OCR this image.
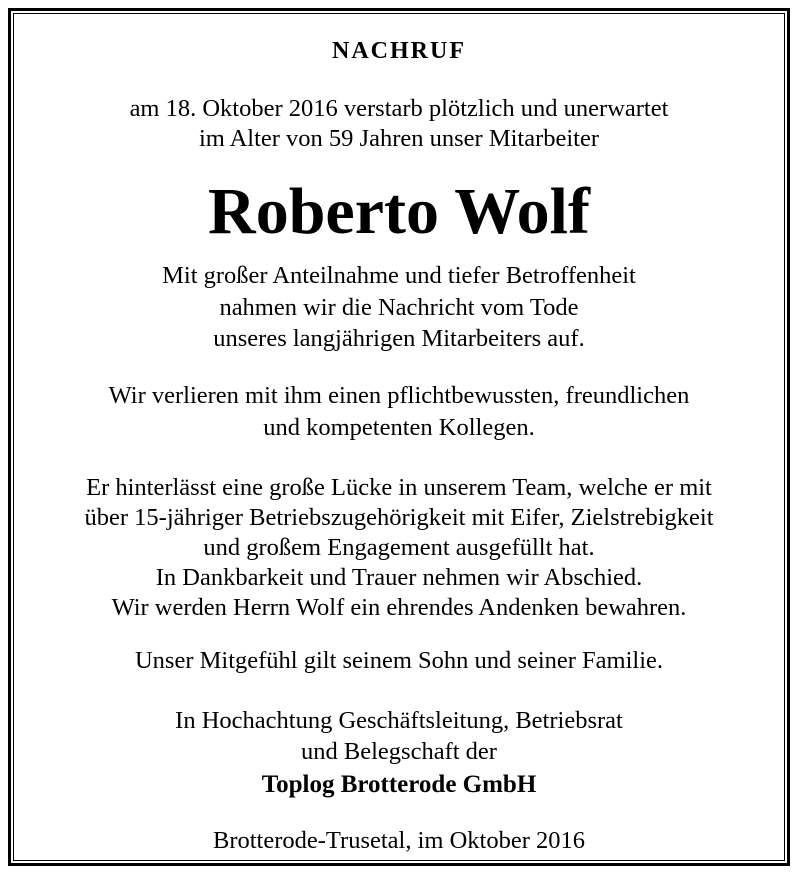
NACHRUF
am 18. Oktober 2016 verstarb plötzlich und unerwartet
im Alter von 59 Jahren unser Mitarbeiter
Roberto Wolf
Mit großer Anteilnahme und tiefer Betroffenheit
nahmen wir die Nachricht vom Tode
unseres langjährigen Mitarbeiters auf.
Wir verlieren mit ihm einen pflichtbewussten, freundlichen
und kompetenten Kollegen.
Er hinterlässt eine große Lücke in unserem Team, welche er mit
über 15-jähriger Betriebszugehörigkeit mit Eifer, Zielstrebigkeit
und großem Engagement ausgefüllt hat.
In Dankbarkeit und Trauer nehmen wir Abschied.
Wir werden Herrn Wolf ein ehrendes Andenken bewahren.
Unser Mitgefühl gilt seinem Sohn und seiner Familie.
In Hochachtung Geschäftsleitung, Betriebsrat
und Belegschaft der
Toplog Brotterode GmbH
Brotterode-Trusetal, im Oktober 2016
